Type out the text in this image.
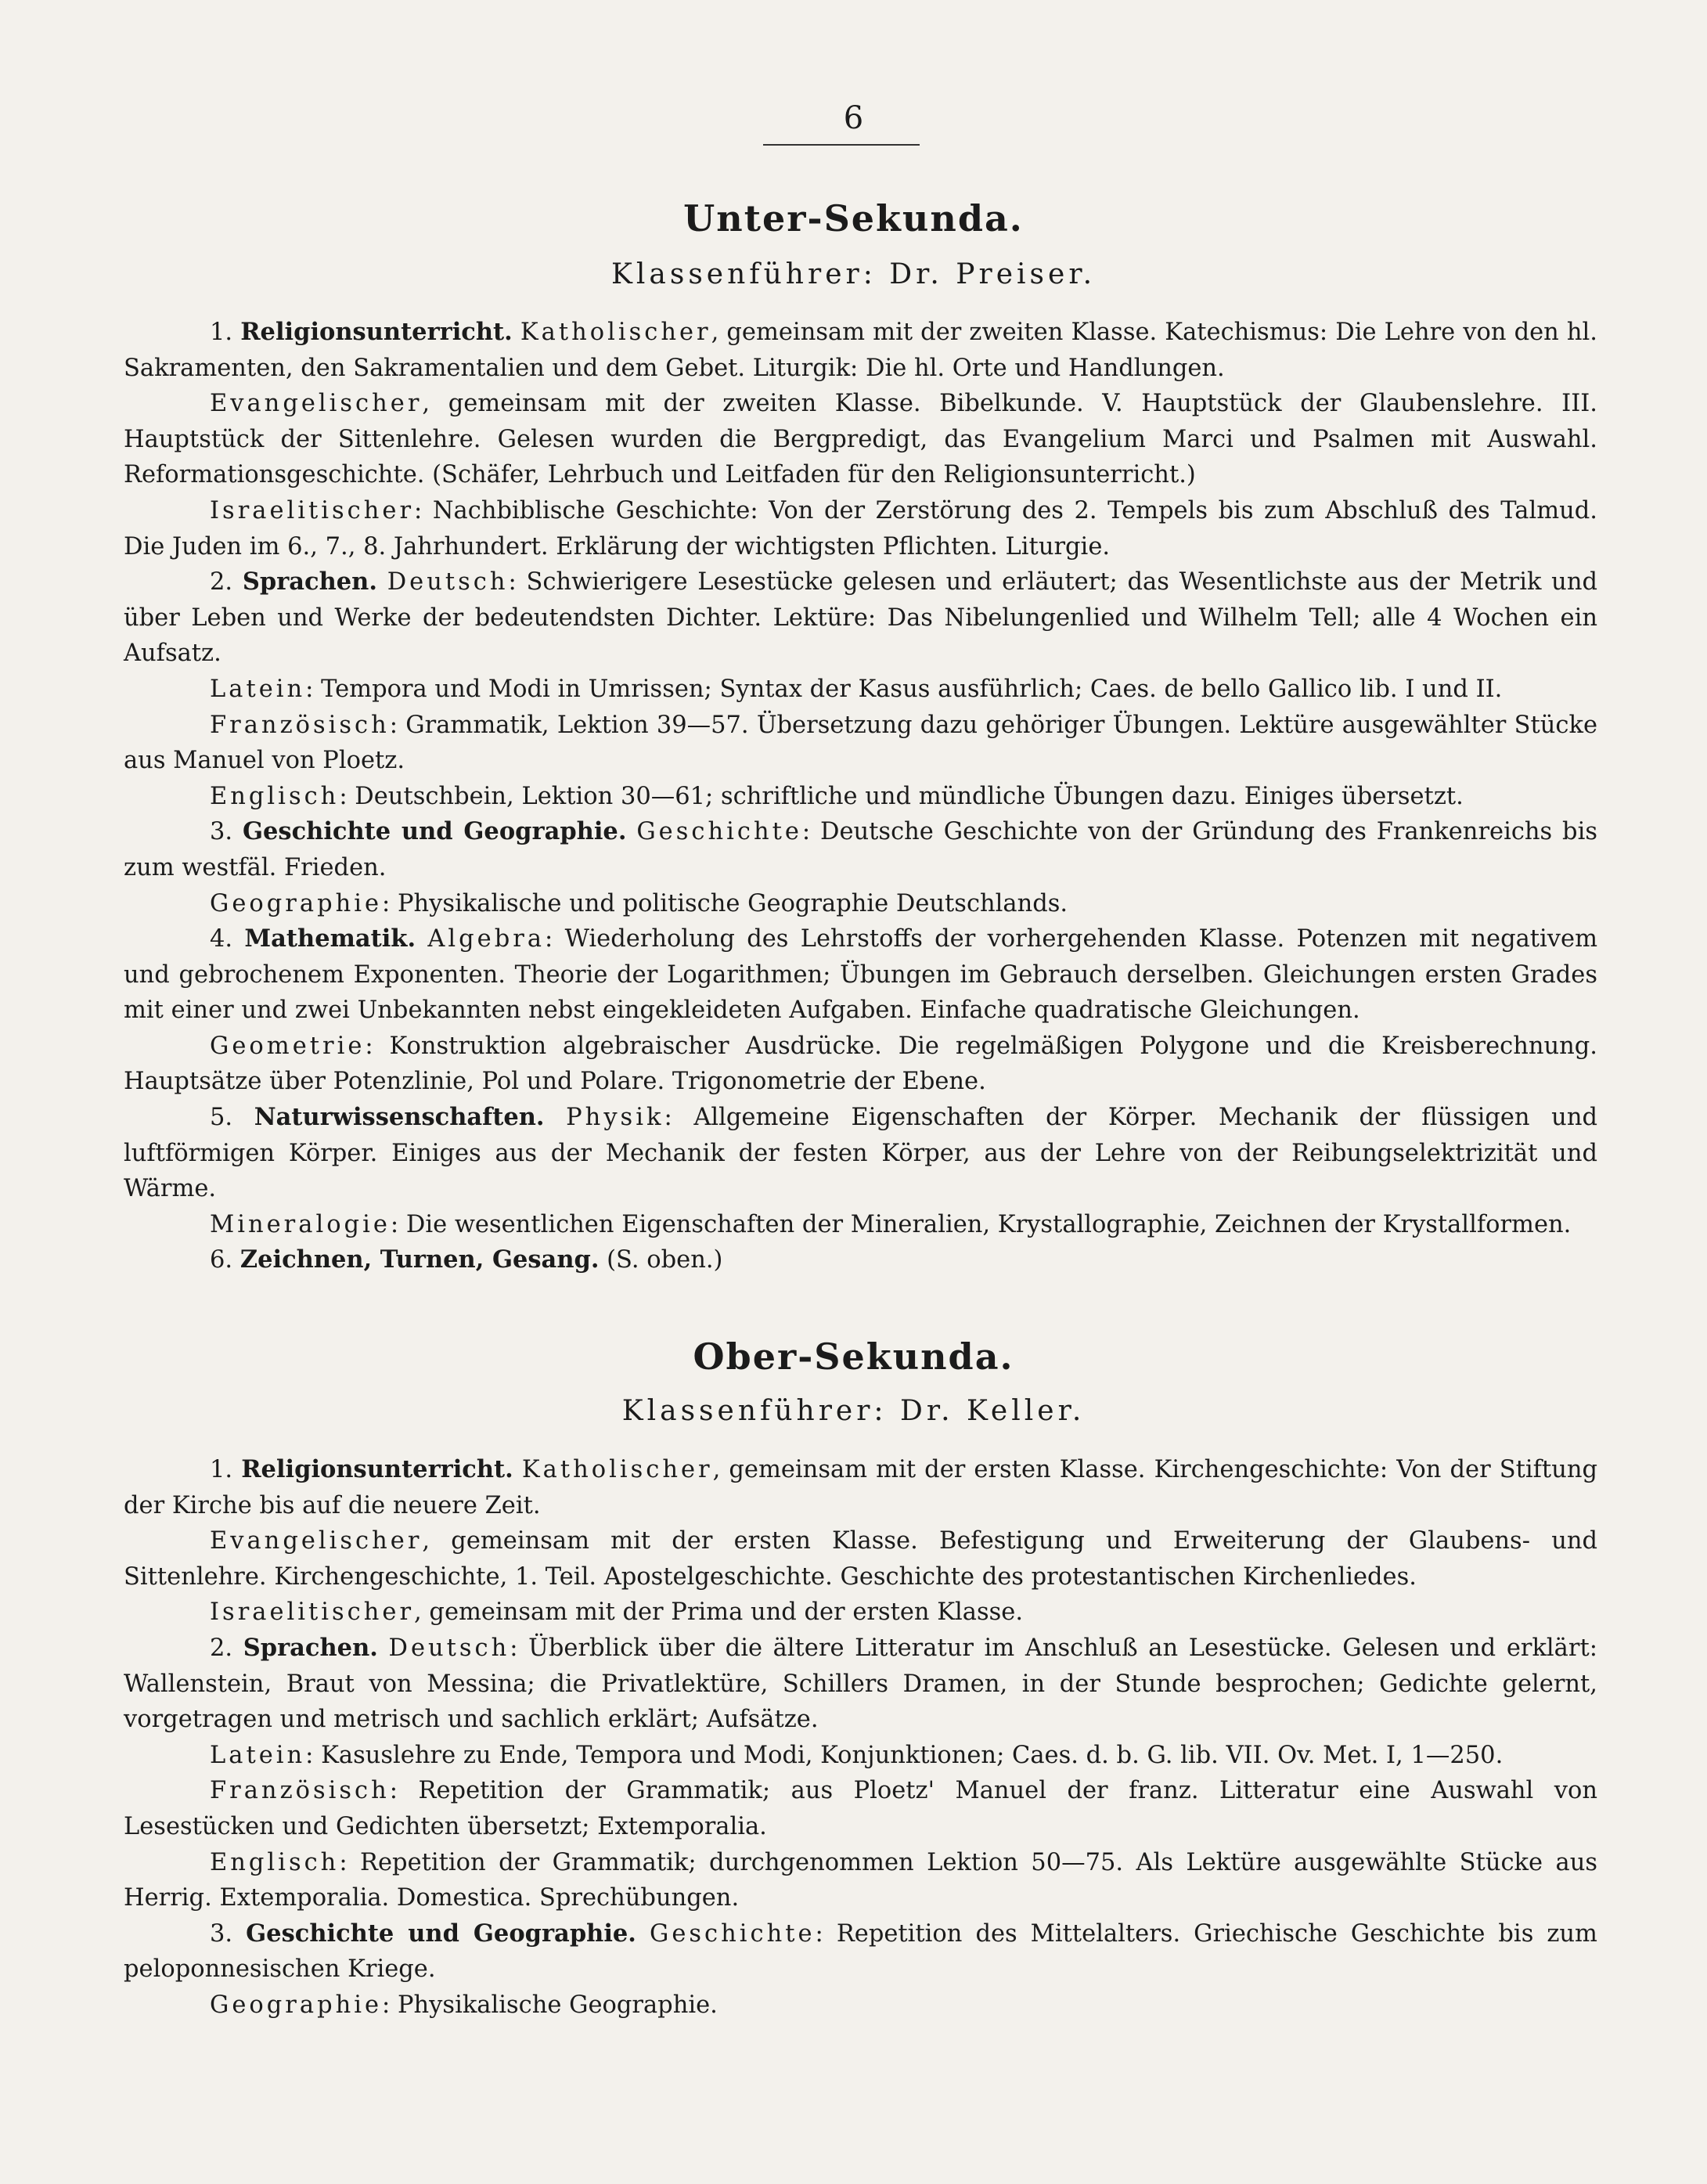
6
Unter-Sekunda.
Klassenführer: Dr. Preiser.

1. Religionsunterricht. Katholischer, gemeinsam mit der zweiten Klasse. Katechismus: Die Lehre von den hl. Sakramenten, den Sakramentalien und dem Gebet. Liturgik: Die hl. Orte und Handlungen.

Evangelischer, gemeinsam mit der zweiten Klasse. Bibelkunde. V. Hauptstück der Glaubenslehre. III. Hauptstück der Sittenlehre. Gelesen wurden die Bergpredigt, das Evangelium Marci und Psalmen mit Auswahl. Reformationsgeschichte. (Schäfer, Lehrbuch und Leitfaden für den Religionsunterricht.)

Israelitischer: Nachbiblische Geschichte: Von der Zerstörung des 2. Tempels bis zum Abschluß des Talmud. Die Juden im 6., 7., 8. Jahrhundert. Erklärung der wichtigsten Pflichten. Liturgie.

2. Sprachen. Deutsch: Schwierigere Lesestücke gelesen und erläutert; das Wesentlichste aus der Metrik und über Leben und Werke der bedeutendsten Dichter. Lektüre: Das Nibelungenlied und Wilhelm Tell; alle 4 Wochen ein Aufsatz.

Latein: Tempora und Modi in Umrissen; Syntax der Kasus ausführlich; Caes. de bello Gallico lib. I und II.

Französisch: Grammatik, Lektion 39—57. Übersetzung dazu gehöriger Übungen. Lektüre ausgewählter Stücke aus Manuel von Ploetz.

Englisch: Deutschbein, Lektion 30—61; schriftliche und mündliche Übungen dazu. Einiges übersetzt.

3. Geschichte und Geographie. Geschichte: Deutsche Geschichte von der Gründung des Frankenreichs bis zum westfäl. Frieden.

Geographie: Physikalische und politische Geographie Deutschlands.

4. Mathematik. Algebra: Wiederholung des Lehrstoffs der vorhergehenden Klasse. Potenzen mit negativem und gebrochenem Exponenten. Theorie der Logarithmen; Übungen im Gebrauch derselben. Gleichungen ersten Grades mit einer und zwei Unbekannten nebst eingekleideten Aufgaben. Einfache quadratische Gleichungen.

Geometrie: Konstruktion algebraischer Ausdrücke. Die regelmäßigen Polygone und die Kreisberechnung. Hauptsätze über Potenzlinie, Pol und Polare. Trigonometrie der Ebene.

5. Naturwissenschaften. Physik: Allgemeine Eigenschaften der Körper. Mechanik der flüssigen und luftförmigen Körper. Einiges aus der Mechanik der festen Körper, aus der Lehre von der Reibungselektrizität und Wärme.

Mineralogie: Die wesentlichen Eigenschaften der Mineralien, Krystallographie, Zeichnen der Krystallformen.

6. Zeichnen, Turnen, Gesang. (S. oben.)

Ober-Sekunda.
Klassenführer: Dr. Keller.

1. Religionsunterricht. Katholischer, gemeinsam mit der ersten Klasse. Kirchengeschichte: Von der Stiftung der Kirche bis auf die neuere Zeit.

Evangelischer, gemeinsam mit der ersten Klasse. Befestigung und Erweiterung der Glaubens- und Sittenlehre. Kirchengeschichte, 1. Teil. Apostelgeschichte. Geschichte des protestantischen Kirchenliedes.

Israelitischer, gemeinsam mit der Prima und der ersten Klasse.

2. Sprachen. Deutsch: Überblick über die ältere Litteratur im Anschluß an Lesestücke. Gelesen und erklärt: Wallenstein, Braut von Messina; die Privatlektüre, Schillers Dramen, in der Stunde besprochen; Gedichte gelernt, vorgetragen und metrisch und sachlich erklärt; Aufsätze.

Latein: Kasuslehre zu Ende, Tempora und Modi, Konjunktionen; Caes. d. b. G. lib. VII. Ov. Met. I, 1—250.

Französisch: Repetition der Grammatik; aus Ploetz' Manuel der franz. Litteratur eine Auswahl von Lesestücken und Gedichten übersetzt; Extemporalia.

Englisch: Repetition der Grammatik; durchgenommen Lektion 50—75. Als Lektüre ausgewählte Stücke aus Herrig. Extemporalia. Domestica. Sprechübungen.

3. Geschichte und Geographie. Geschichte: Repetition des Mittelalters. Griechische Geschichte bis zum peloponnesischen Kriege.

Geographie: Physikalische Geographie.
